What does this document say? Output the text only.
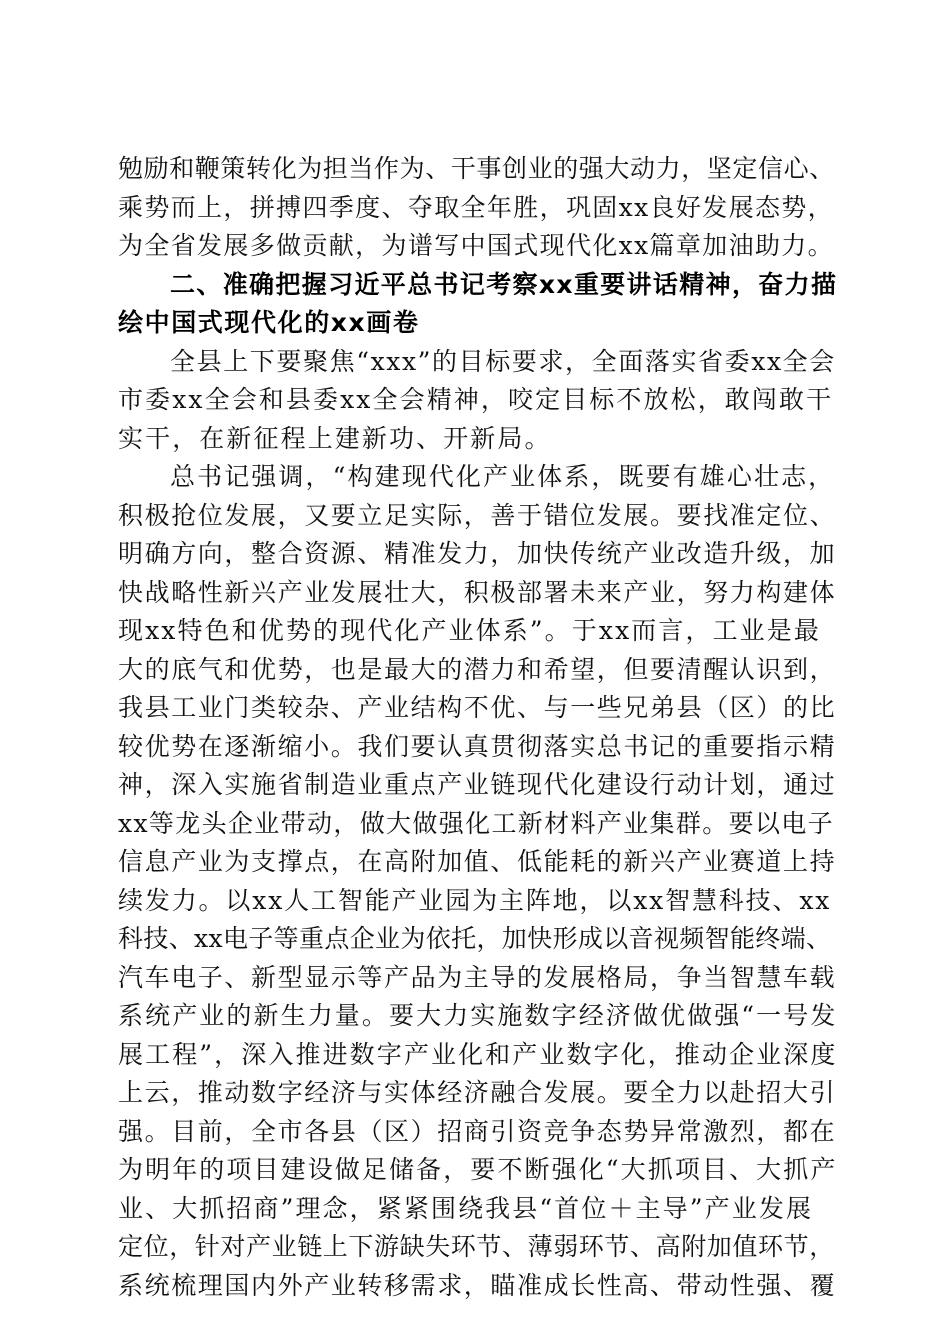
勉励和鞭策转化为担当作为、干事创业的强大动力，坚定信心、
乘势而上，拼搏四季度、夺取全年胜，巩固xx良好发展态势，
为全省发展多做贡献，为谱写中国式现代化xx篇章加油助力。
二、准确把握习近平总书记考察xx重要讲话精神，奋力描
绘中国式现代化的xx画卷
全县上下要聚焦“xxx”的目标要求，全面落实省委xx全会
市委xx全会和县委xx全会精神，咬定目标不放松，敢闯敢干
实干，在新征程上建新功、开新局。
总书记强调，“构建现代化产业体系，既要有雄心壮志，
积极抢位发展，又要立足实际，善于错位发展。要找准定位、
明确方向，整合资源、精准发力，加快传统产业改造升级，加
快战略性新兴产业发展壮大，积极部署未来产业，努力构建体
现xx特色和优势的现代化产业体系”。于xx而言，工业是最
大的底气和优势，也是最大的潜力和希望，但要清醒认识到，
我县工业门类较杂、产业结构不优、与一些兄弟县（区）的比
较优势在逐渐缩小。我们要认真贯彻落实总书记的重要指示精
神，深入实施省制造业重点产业链现代化建设行动计划，通过
xx等龙头企业带动，做大做强化工新材料产业集群。要以电子
信息产业为支撑点，在高附加值、低能耗的新兴产业赛道上持
续发力。以xx人工智能产业园为主阵地，以xx智慧科技、xx
科技、xx电子等重点企业为依托，加快形成以音视频智能终端、
汽车电子、新型显示等产品为主导的发展格局，争当智慧车载
系统产业的新生力量。要大力实施数字经济做优做强“一号发
展工程”，深入推进数字产业化和产业数字化，推动企业深度
上云，推动数字经济与实体经济融合发展。要全力以赴招大引
强。目前，全市各县（区）招商引资竞争态势异常激烈，都在
为明年的项目建设做足储备，要不断强化“大抓项目、大抓产
业、大抓招商”理念，紧紧围绕我县“首位＋主导”产业发展
定位，针对产业链上下游缺失环节、薄弱环节、高附加值环节，
系统梳理国内外产业转移需求，瞄准成长性高、带动性强、覆
